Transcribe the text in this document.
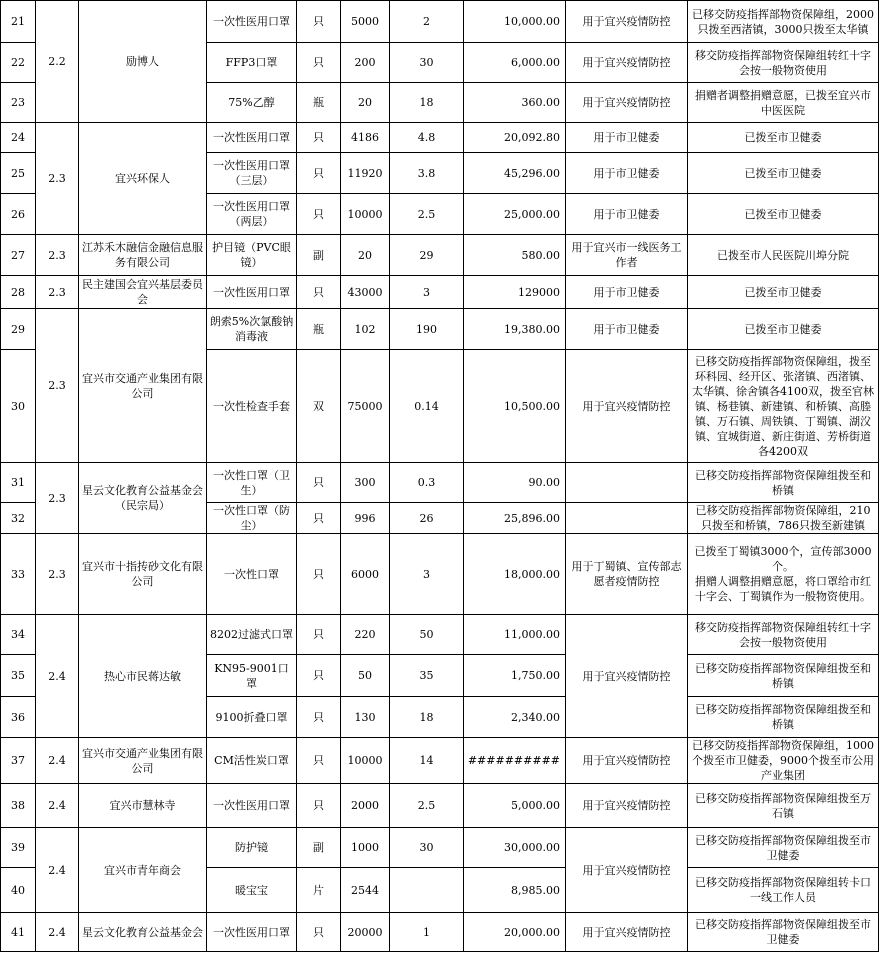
21	2.2	励博人	一次性医用口罩	只	5000	2	10,000.00	用于宜兴疫情防控	已移交防疫指挥部物资保障组，2000只拨至西渚镇，3000只拨至太华镇
22			FFP3口罩	只	200	30	6,000.00	用于宜兴疫情防控	移交防疫指挥部物资保障组转红十字会按一般物资使用
23			75%乙醇	瓶	20	18	360.00	用于宜兴疫情防控	捐赠者调整捐赠意愿，已拨至宜兴市中医医院
24	2.3	宜兴环保人	一次性医用口罩	只	4186	4.8	20,092.80	用于市卫健委	已拨至市卫健委
25			一次性医用口罩（三层）	只	11920	3.8	45,296.00	用于市卫健委	已拨至市卫健委
26			一次性医用口罩（两层）	只	10000	2.5	25,000.00	用于市卫健委	已拨至市卫健委
27	2.3	江苏禾木融信金融信息服务有限公司	护目镜（PVC眼镜）	副	20	29	580.00	用于宜兴市一线医务工作者	已拨至市人民医院川埠分院
28	2.3	民主建国会宜兴基层委员会	一次性医用口罩	只	43000	3	129000	用于市卫健委	已拨至市卫健委
29	2.3	宜兴市交通产业集团有限公司	朗索5%次氯酸钠消毒液	瓶	102	190	19,380.00	用于市卫健委	已拨至市卫健委
30			一次性检查手套	双	75000	0.14	10,500.00	用于宜兴疫情防控	已移交防疫指挥部物资保障组，拨至环科园、经开区、张渚镇、西渚镇、太华镇、徐舍镇各4100双，拨至官林镇、杨巷镇、新建镇、和桥镇、高塍镇、万石镇、周铁镇、丁蜀镇、湖㳇镇、宜城街道、新庄街道、芳桥街道各4200双
31	2.3	星云文化教育公益基金会（民宗局）	一次性口罩（卫生）	只	300	0.3	90.00		已移交防疫指挥部物资保障组拨至和桥镇
32			一次性口罩（防尘）	只	996	26	25,896.00		已移交防疫指挥部物资保障组，210只拨至和桥镇，786只拨至新建镇
33	2.3	宜兴市十指抟砂文化有限公司	一次性口罩	只	6000	3	18,000.00	用于丁蜀镇、宣传部志愿者疫情防控	已拨至丁蜀镇3000个，宣传部3000个。
捐赠人调整捐赠意愿，将口罩给市红十字会、丁蜀镇作为一般物资使用。
34	2.4	热心市民蒋达敏	8202过滤式口罩	只	220	50	11,000.00	用于宜兴疫情防控	移交防疫指挥部物资保障组转红十字会按一般物资使用
35			KN95-9001口罩	只	50	35	1,750.00		已移交防疫指挥部物资保障组拨至和桥镇
36			9100折叠口罩	只	130	18	2,340.00		已移交防疫指挥部物资保障组拨至和桥镇
37	2.4	宜兴市交通产业集团有限公司	CM活性炭口罩	只	10000	14	##########	用于宜兴疫情防控	已移交防疫指挥部物资保障组，1000个拨至市卫健委，9000个拨至市公用产业集团
38	2.4	宜兴市慧林寺	一次性医用口罩	只	2000	2.5	5,000.00	用于宜兴疫情防控	已移交防疫指挥部物资保障组拨至万石镇
39	2.4	宜兴市青年商会	防护镜	副	1000	30	30,000.00	用于宜兴疫情防控	已移交防疫指挥部物资保障组拨至市卫健委
40			暖宝宝	片	2544		8,985.00		已移交防疫指挥部物资保障组转卡口一线工作人员
41	2.4	星云文化教育公益基金会	一次性医用口罩	只	20000	1	20,000.00	用于宜兴疫情防控	已移交防疫指挥部物资保障组拨至市卫健委
